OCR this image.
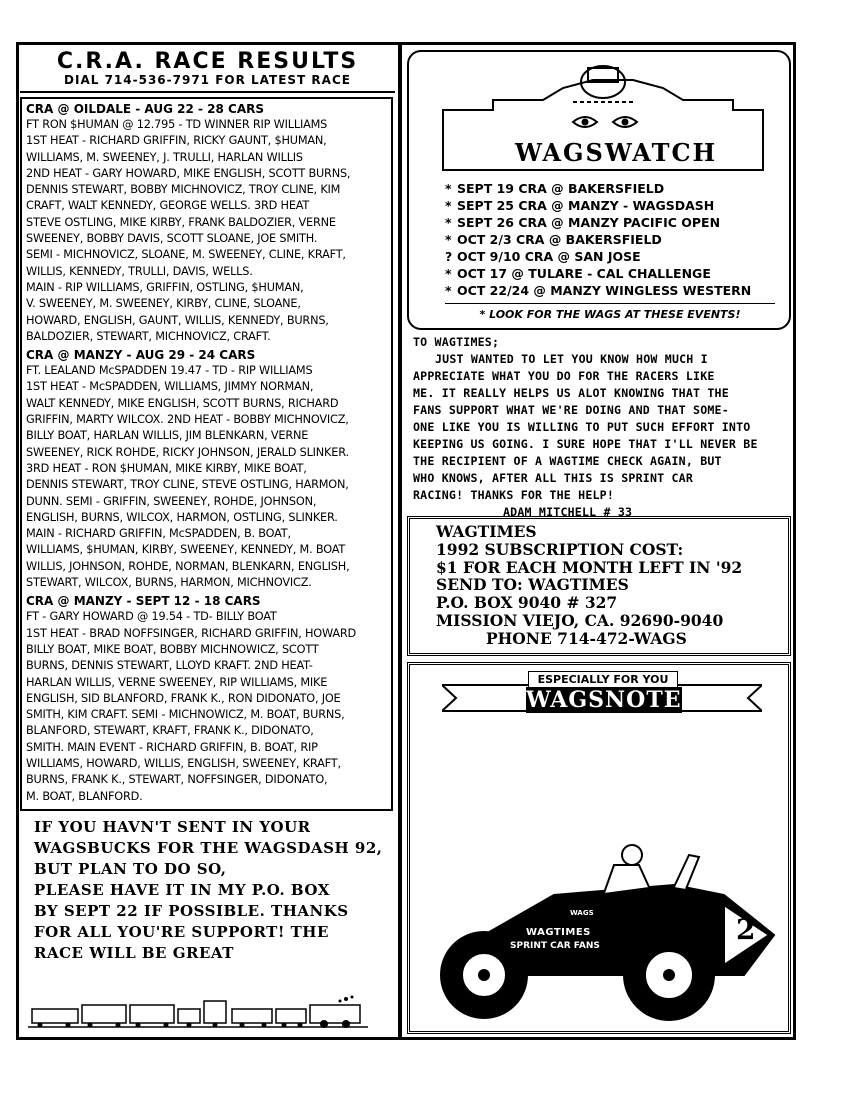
C.R.A. RACE RESULTS
DIAL 714-536-7971 FOR LATEST RACE

CRA @ OILDALE - AUG 22 - 28 CARS

FT RON $HUMAN @ 12.795 - TD WINNER RIP WILLIAMS

1ST HEAT - RICHARD GRIFFIN, RICKY GAUNT, $HUMAN,

WILLIAMS, M. SWEENEY, J. TRULLI, HARLAN WILLIS

2ND HEAT - GARY HOWARD, MIKE ENGLISH, SCOTT BURNS,

DENNIS STEWART, BOBBY MICHNOVICZ, TROY CLINE, KIM

CRAFT, WALT KENNEDY, GEORGE WELLS. 3RD HEAT

STEVE OSTLING, MIKE KIRBY, FRANK BALDOZIER, VERNE

SWEENEY, BOBBY DAVIS, SCOTT SLOANE, JOE SMITH.

SEMI - MICHNOVICZ, SLOANE, M. SWEENEY, CLINE, KRAFT,

WILLIS, KENNEDY, TRULLI, DAVIS, WELLS.

MAIN - RIP WILLIAMS, GRIFFIN, OSTLING, $HUMAN,

V. SWEENEY, M. SWEENEY, KIRBY, CLINE, SLOANE,

HOWARD, ENGLISH, GAUNT, WILLIS, KENNEDY, BURNS,

BALDOZIER, STEWART, MICHNOVICZ, CRAFT.

CRA @ MANZY - AUG 29 - 24 CARS

FT. LEALAND McSPADDEN 19.47 - TD - RIP WILLIAMS

1ST HEAT - McSPADDEN, WILLIAMS, JIMMY NORMAN,

WALT KENNEDY, MIKE ENGLISH, SCOTT BURNS, RICHARD

GRIFFIN, MARTY WILCOX. 2ND HEAT - BOBBY MICHNOVICZ,

BILLY BOAT, HARLAN WILLIS, JIM BLENKARN, VERNE

SWEENEY, RICK ROHDE, RICKY JOHNSON, JERALD SLINKER.

3RD HEAT - RON $HUMAN, MIKE KIRBY, MIKE BOAT,

DENNIS STEWART, TROY CLINE, STEVE OSTLING, HARMON,

DUNN. SEMI - GRIFFIN, SWEENEY, ROHDE, JOHNSON,

ENGLISH, BURNS, WILCOX, HARMON, OSTLING, SLINKER.

MAIN - RICHARD GRIFFIN, McSPADDEN, B. BOAT,

WILLIAMS, $HUMAN, KIRBY, SWEENEY, KENNEDY, M. BOAT

WILLIS, JOHNSON, ROHDE, NORMAN, BLENKARN, ENGLISH,

STEWART, WILCOX, BURNS, HARMON, MICHNOVICZ.

CRA @ MANZY - SEPT 12 - 18 CARS

FT - GARY HOWARD @ 19.54 - TD- BILLY BOAT

1ST HEAT - BRAD NOFFSINGER, RICHARD GRIFFIN, HOWARD

BILLY BOAT, MIKE BOAT, BOBBY MICHNOWICZ, SCOTT

BURNS, DENNIS STEWART, LLOYD KRAFT. 2ND HEAT-

HARLAN WILLIS, VERNE SWEENEY, RIP WILLIAMS, MIKE

ENGLISH, SID BLANFORD, FRANK K., RON DIDONATO, JOE

SMITH, KIM CRAFT. SEMI - MICHNOWICZ, M. BOAT, BURNS,

BLANFORD, STEWART, KRAFT, FRANK K., DIDONATO,

SMITH. MAIN EVENT - RICHARD GRIFFIN, B. BOAT, RIP

WILLIAMS, HOWARD, WILLIS, ENGLISH, SWEENEY, KRAFT,

BURNS, FRANK K., STEWART, NOFFSINGER, DIDONATO,

M. BOAT, BLANFORD.

IF YOU HAVN'T SENT IN YOUR
WAGSBUCKS FOR THE WAGSDASH 92,
BUT PLAN TO DO SO,
PLEASE HAVE IT IN MY P.O. BOX
BY SEPT 22 IF POSSIBLE. THANKS
FOR ALL YOU'RE SUPPORT! THE
RACE WILL BE GREAT
WAGSWATCH
* SEPT 19 CRA @ BAKERSFIELD
* SEPT 25 CRA @ MANZY - WAGSDASH
* SEPT 26 CRA @ MANZY PACIFIC OPEN
* OCT 2/3 CRA @ BAKERSFIELD
? OCT 9/10 CRA @ SAN JOSE
* OCT 17 @ TULARE - CAL CHALLENGE
* OCT 22/24 @ MANZY WINGLESS WESTERN
* LOOK FOR THE WAGS AT THESE EVENTS!
TO WAGTIMES;
JUST WANTED TO LET YOU KNOW HOW MUCH I
APPRECIATE WHAT YOU DO FOR THE RACERS LIKE
ME. IT REALLY HELPS US ALOT KNOWING THAT THE
FANS SUPPORT WHAT WE'RE DOING AND THAT SOME-
ONE LIKE YOU IS WILLING TO PUT SUCH EFFORT INTO
KEEPING US GOING. I SURE HOPE THAT I'LL NEVER BE
THE RECIPIENT OF A WAGTIME CHECK AGAIN, BUT
WHO KNOWS, AFTER ALL THIS IS SPRINT CAR
RACING! THANKS FOR THE HELP!
ADAM MITCHELL # 33
WAGTIMES
1992 SUBSCRIPTION COST:
$1 FOR EACH MONTH LEFT IN '92
SEND TO: WAGTIMES
P.O. BOX 9040 # 327
MISSION VIEJO, CA. 92690-9040
PHONE 714-472-WAGS
ESPECIALLY FOR YOU
WAGSNOTES
WAGS
WAGTIMES
SPRINT CAR FANS	2
